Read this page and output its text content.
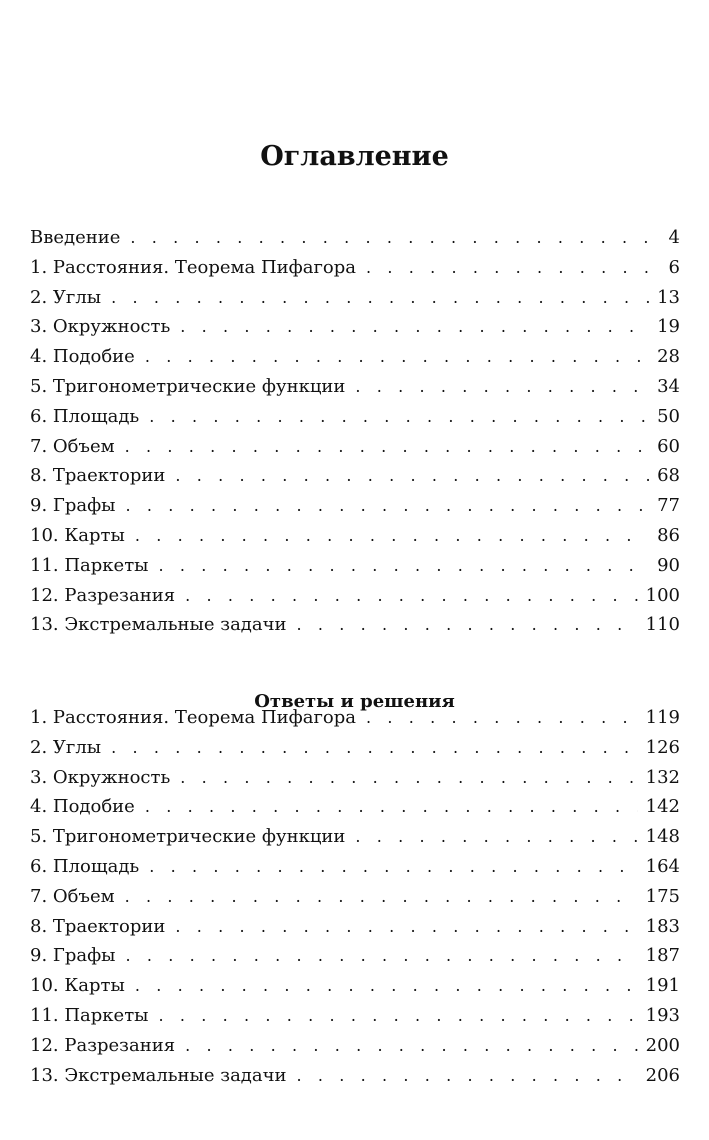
Оглавление
Введение . . .	4
1. Расстояния. Теорема Пифагора . . .	6
2. Углы . . .	13
3. Окружность . . .	19
4. Подобие . . .	28
5. Тригонометрические функции . . .	34
6. Площадь . . .	50
7. Объем . . .	60
8. Траектории . . .	68
9. Графы . . .	77
10. Карты . . .	86
11. Паркеты . . .	90
12. Разрезания . . .	100
13. Экстремальные задачи . . .	110
Ответы и решения
1. Расстояния. Теорема Пифагора . . .	119
2. Углы . . .	126
3. Окружность . . .	132
4. Подобие . . .	142
5. Тригонометрические функции . . .	148
6. Площадь . . .	164
7. Объем . . .	175
8. Траектории . . .	183
9. Графы . . .	187
10. Карты . . .	191
11. Паркеты . . .	193
12. Разрезания . . .	200
13. Экстремальные задачи . . .	206
